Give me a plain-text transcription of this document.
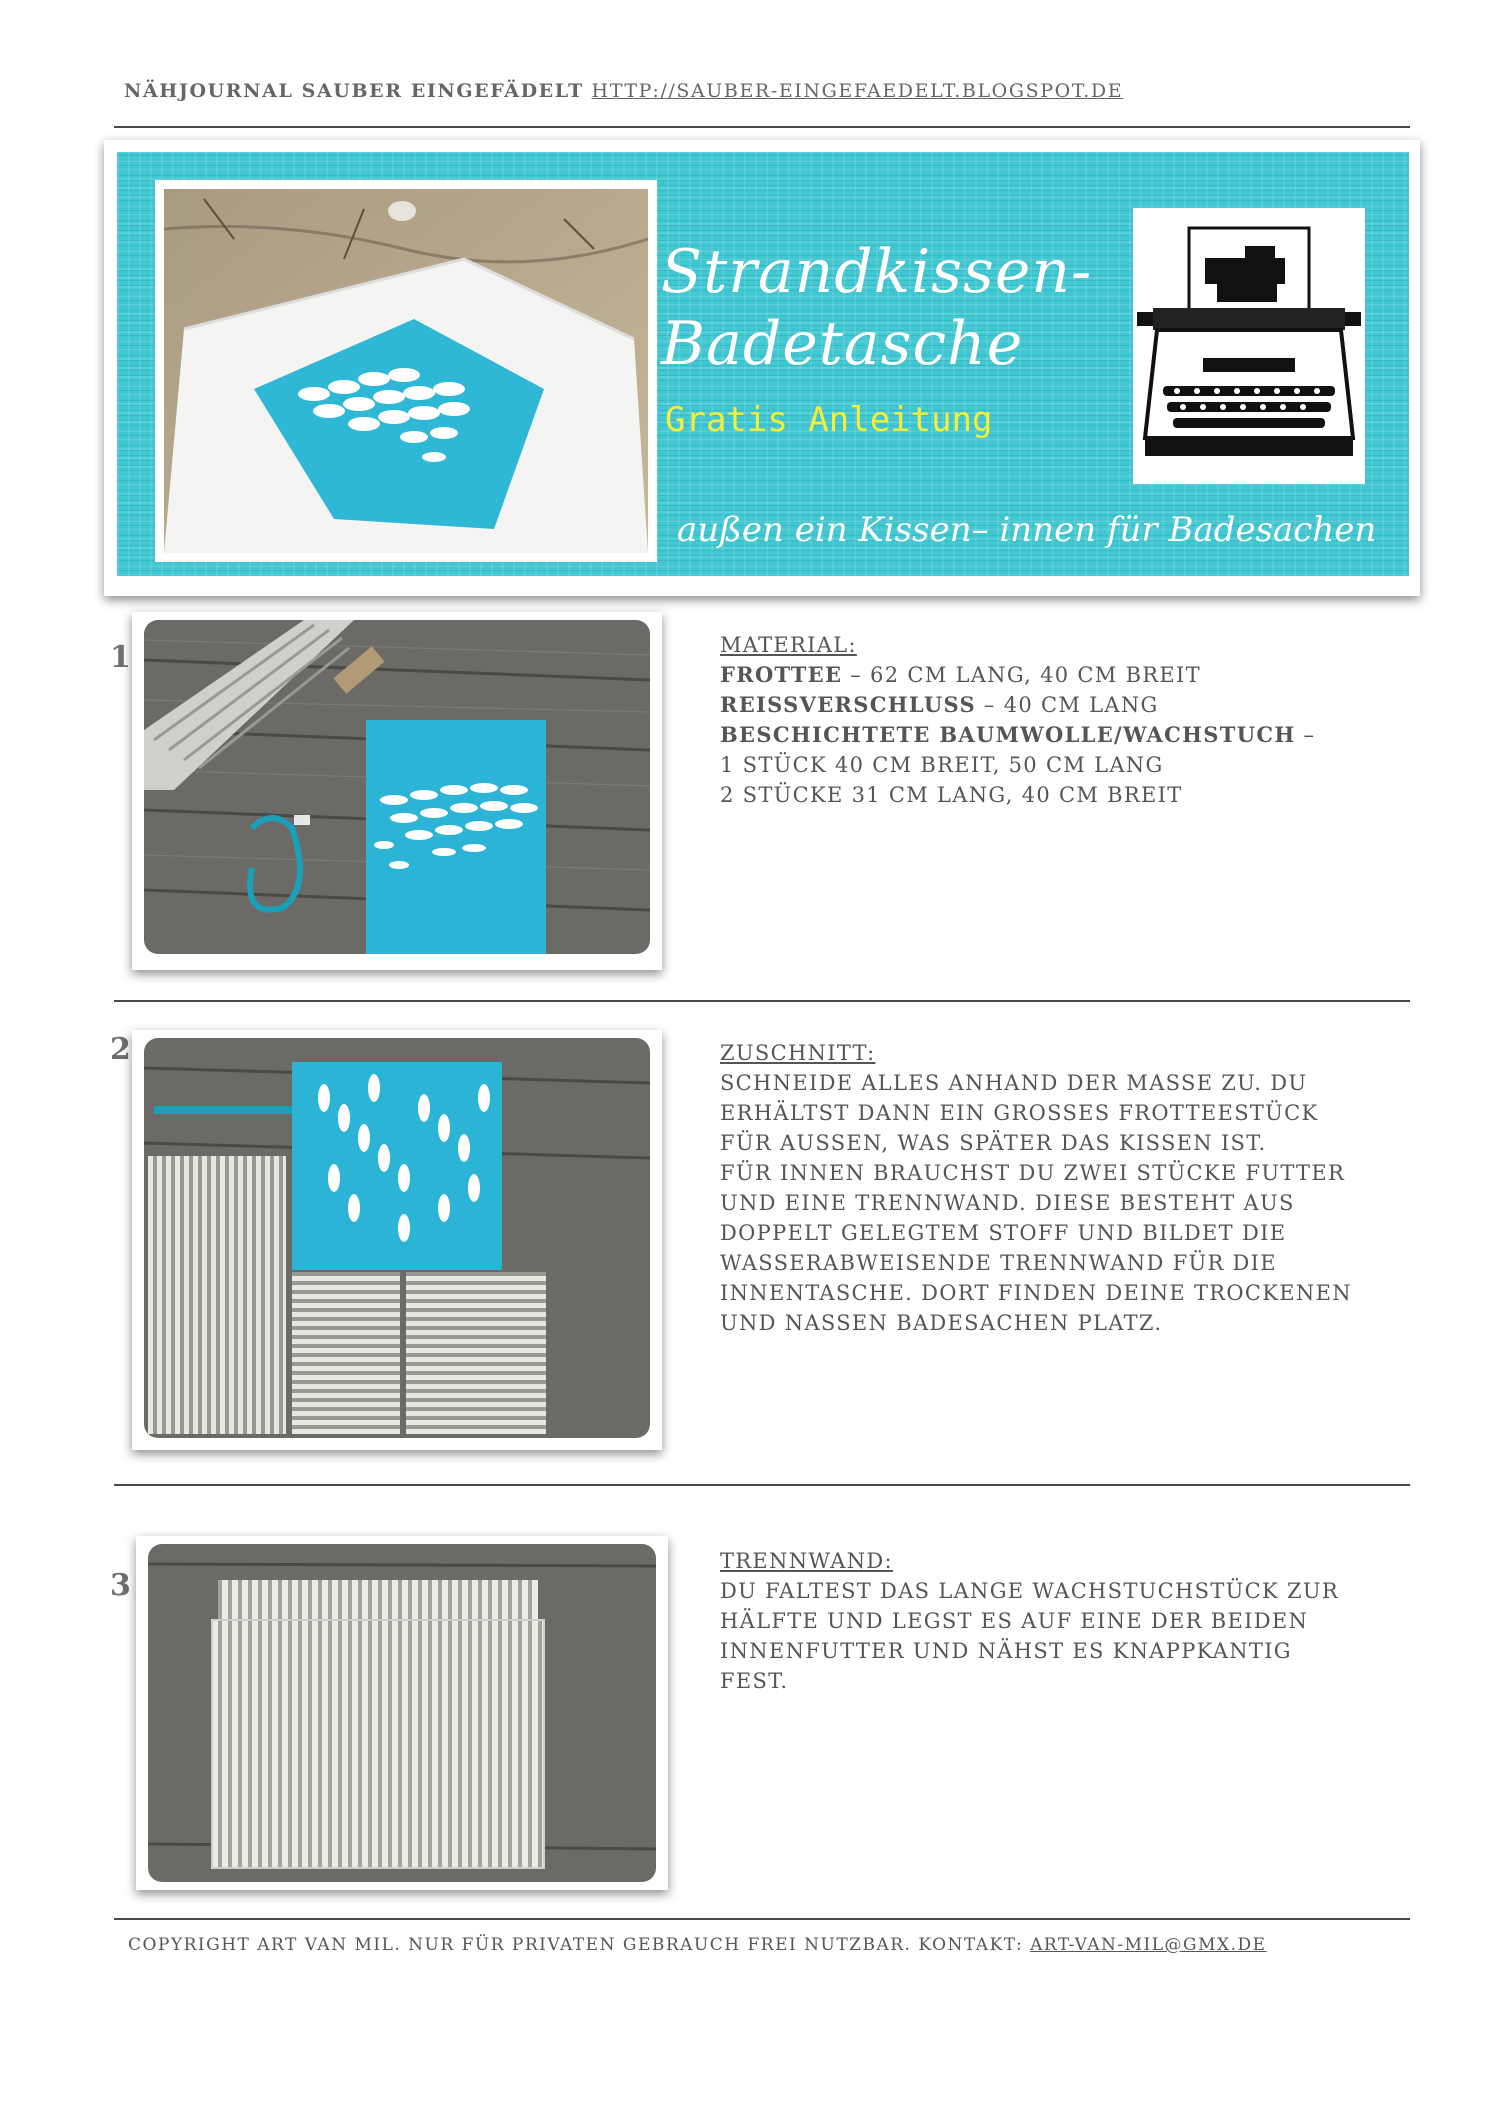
NÄHJOURNAL SAUBER EINGEFÄDELT HTTP://SAUBER-EINGEFAEDELT.BLOGSPOT.DE
Strandkissen-
Badetasche
Gratis Anleitung
außen ein Kissen– innen für Badesachen
1	MATERIAL:
FROTTEE – 62 CM LANG, 40 CM BREIT
REISSVERSCHLUSS – 40 CM LANG
BESCHICHTETE BAUMWOLLE/WACHSTUCH –
1 STÜCK 40 CM BREIT, 50 CM LANG
2 STÜCKE 31 CM LANG, 40 CM BREIT
2	ZUSCHNITT:
SCHNEIDE ALLES ANHAND DER MASSE ZU. DU
ERHÄLTST DANN EIN GROSSES FROTTEESTÜCK
FÜR AUSSEN, WAS SPÄTER DAS KISSEN IST.
FÜR INNEN BRAUCHST DU ZWEI STÜCKE FUTTER
UND EINE TRENNWAND. DIESE BESTEHT AUS
DOPPELT GELEGTEM STOFF UND BILDET DIE
WASSERABWEISENDE TRENNWAND FÜR DIE
INNENTASCHE. DORT FINDEN DEINE TROCKENEN
UND NASSEN BADESACHEN PLATZ.
3
TRENNWAND:
DU FALTEST DAS LANGE WACHSTUCHSTÜCK ZUR
HÄLFTE UND LEGST ES AUF EINE DER BEIDEN
INNENFUTTER UND NÄHST ES KNAPPKANTIG
FEST.
COPYRIGHT ART VAN MIL. NUR FÜR PRIVATEN GEBRAUCH FREI NUTZBAR. KONTAKT: ART-VAN-MIL@GMX.DE
